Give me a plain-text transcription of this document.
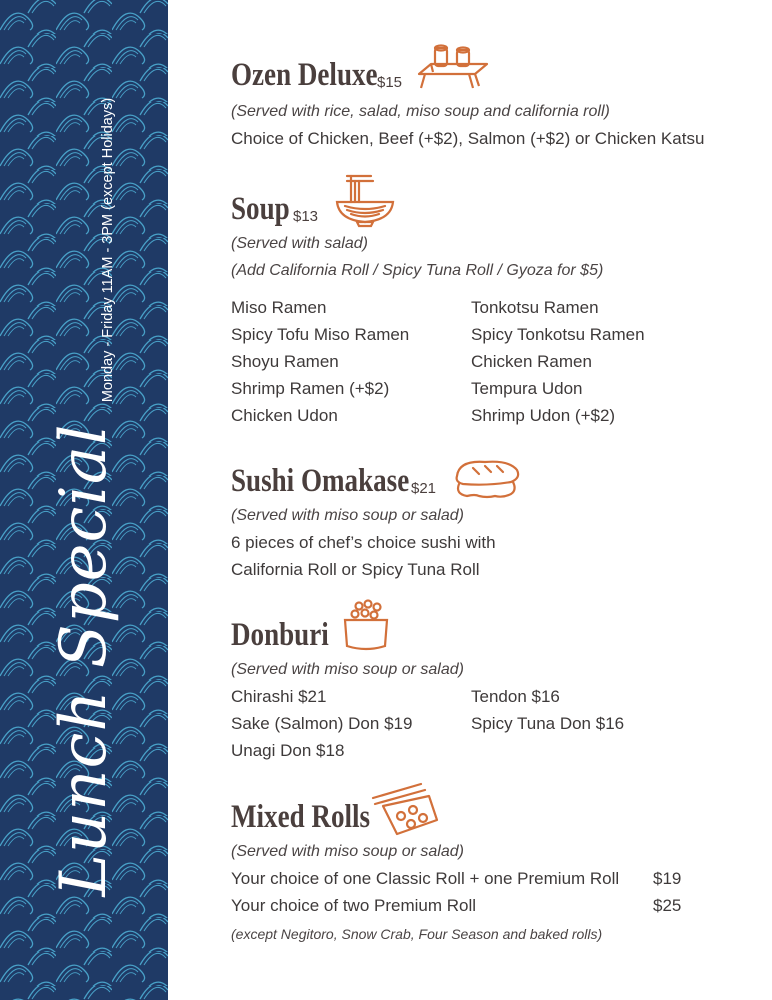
Lunch Special
Monday - Friday 11AM - 3PM (except Holidays)
Ozen Deluxe $15
(Served with rice, salad, miso soup and california roll)
Choice of Chicken, Beef (+$2), Salmon (+$2) or Chicken Katsu
Soup $13
(Served with salad)
(Add California Roll / Spicy Tuna Roll / Gyoza for $5)
Miso Ramen
Spicy Tofu Miso Ramen
Shoyu Ramen
Shrimp Ramen (+$2)
Chicken Udon
Tonkotsu Ramen
Spicy Tonkotsu Ramen
Chicken Ramen
Tempura Udon
Shrimp Udon (+$2)
Sushi Omakase $21
(Served with miso soup or salad)
6 pieces of chef’s choice sushi with
California Roll or Spicy Tuna Roll
Donburi
(Served with miso soup or salad)
Chirashi $21
Sake (Salmon) Don $19
Unagi Don $18
Tendon $16
Spicy Tuna Don $16
Mixed Rolls
(Served with miso soup or salad)
Your choice of one Classic Roll + one Premium Roll	$19
Your choice of two Premium Roll	$25
(except Negitoro, Snow Crab, Four Season and baked rolls)
